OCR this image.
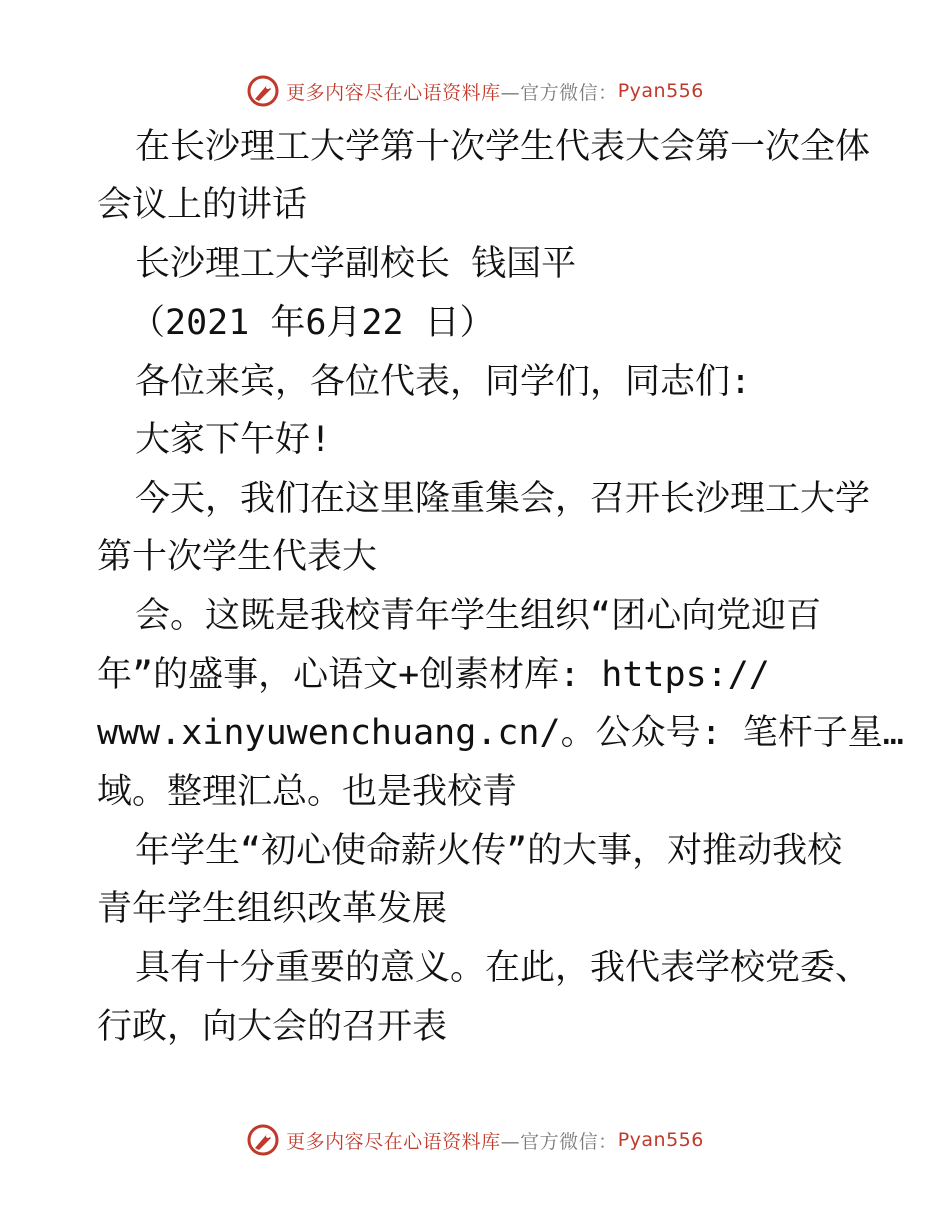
更多内容尽在心语资料库 —官方微信： Pyan556
在长沙理工大学第十次学生代表大会第一次全体
会议上的讲话
长沙理工大学副校长 钱国平
（2021 年6月22 日）
各位来宾，各位代表，同学们，同志们:
大家下午好!
今天，我们在这里隆重集会，召开长沙理工大学
第十次学生代表大
会。这既是我校青年学生组织“团心向党迎百
年”的盛事，心语文+创素材库: https://
www.xinyuwenchuang.cn/。公众号: 笔杆子星…
域。整理汇总。也是我校青
年学生“初心使命薪火传”的大事，对推动我校
青年学生组织改革发展
具有十分重要的意义。在此，我代表学校党委、
行政，向大会的召开表
更多内容尽在心语资料库 —官方微信： Pyan556
